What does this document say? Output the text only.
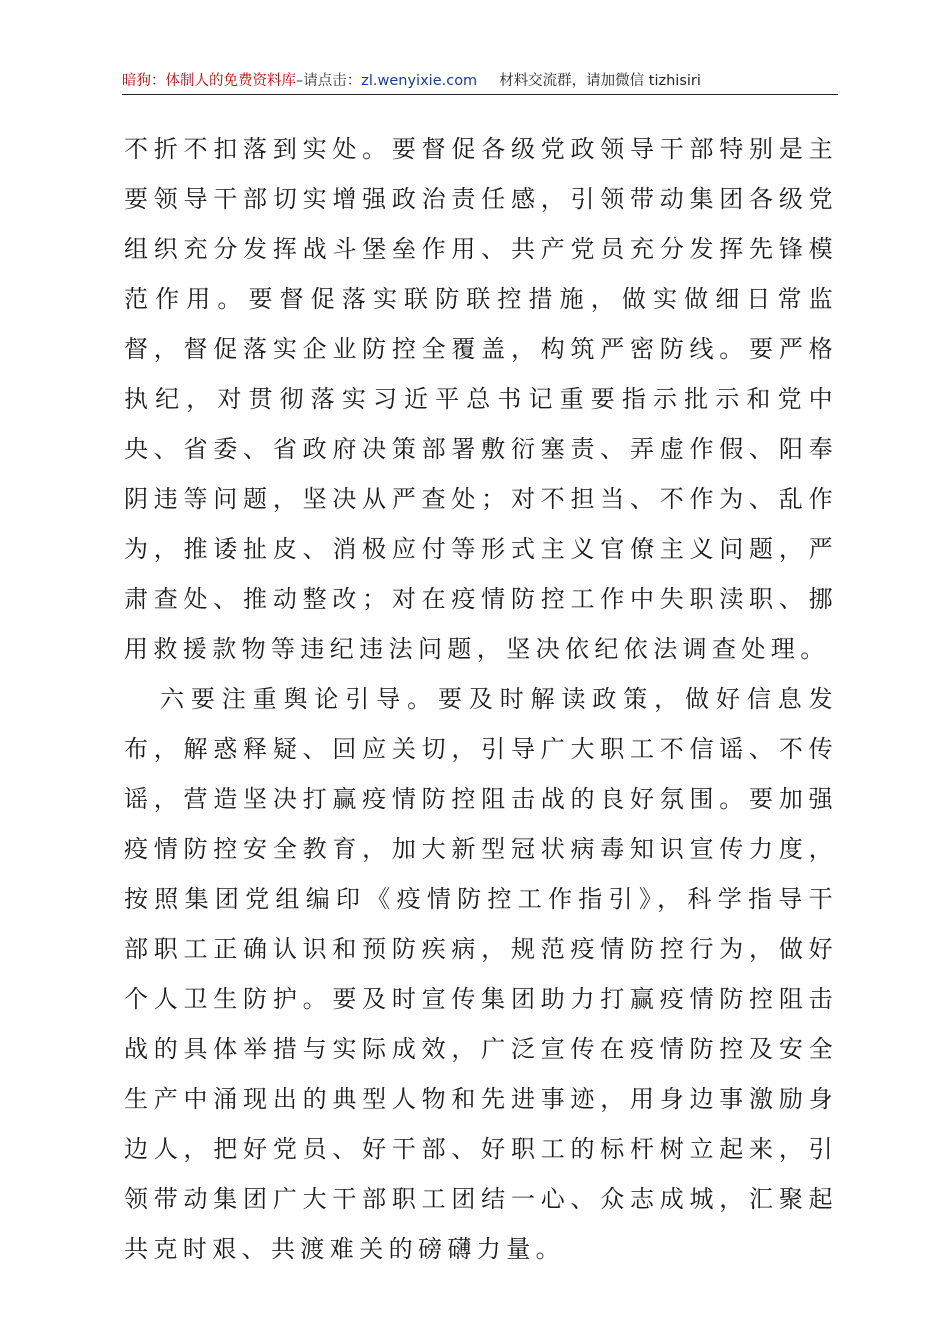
暗狗：体制人的免费资料库–请点击：zl.wenyixie.com 材料交流群，请加微信 tizhisiri

不折不扣落到实处。要督促各级党政领导干部特别是主要领导干部切实增强政治责任感，引领带动集团各级党组织充分发挥战斗堡垒作用、共产党员充分发挥先锋模范作用。要督促落实联防联控措施，做实做细日常监督，督促落实企业防控全覆盖，构筑严密防线。要严格执纪，对贯彻落实习近平总书记重要指示批示和党中央、省委、省政府决策部署敷衍塞责、弄虚作假、阳奉阴违等问题，坚决从严查处；对不担当、不作为、乱作为，推诿扯皮、消极应付等形式主义官僚主义问题，严肃查处、推动整改；对在疫情防控工作中失职渎职、挪用救援款物等违纪违法问题，坚决依纪依法调查处理。

六要注重舆论引导。要及时解读政策，做好信息发布，解惑释疑、回应关切，引导广大职工不信谣、不传谣，营造坚决打赢疫情防控阻击战的良好氛围。要加强疫情防控安全教育，加大新型冠状病毒知识宣传力度，按照集团党组编印《疫情防控工作指引》，科学指导干部职工正确认识和预防疾病，规范疫情防控行为，做好个人卫生防护。要及时宣传集团助力打赢疫情防控阻击战的具体举措与实际成效，广泛宣传在疫情防控及安全生产中涌现出的典型人物和先进事迹，用身边事激励身边人，把好党员、好干部、好职工的标杆树立起来，引领带动集团广大干部职工团结一心、众志成城，汇聚起共克时艰、共渡难关的磅礴力量。
